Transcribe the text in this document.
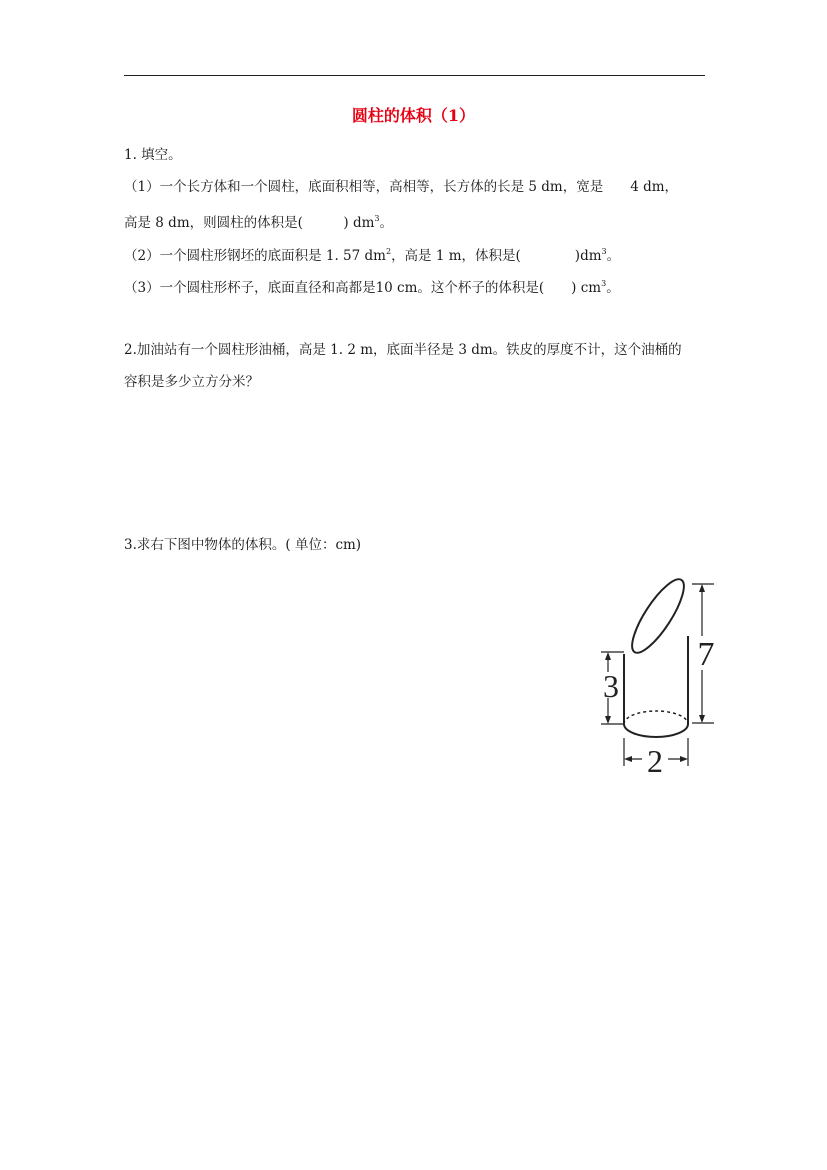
圆柱的体积（1）
1. 填空。
（1）一个长方体和一个圆柱，底面积相等，高相等，长方体的长是 5 dm，宽是　　4 dm，
高是 8 dm，则圆柱的体积是(　　　) $dm^3$。
（2）一个圆柱形钢坯的底面积是 1. 57 $dm^2$，高是 1 m，体积是(　　　　)$dm^3$。
（3）一个圆柱形杯子，底面直径和高都是10 cm。这个杯子的体积是(　　) $cm^3$。
2.加油站有一个圆柱形油桶，高是 1. 2 m，底面半径是 3 dm。铁皮的厚度不计，这个油桶的
容积是多少立方分米？
3.求右下图中物体的体积。( 单位：cm)
3
7
2
